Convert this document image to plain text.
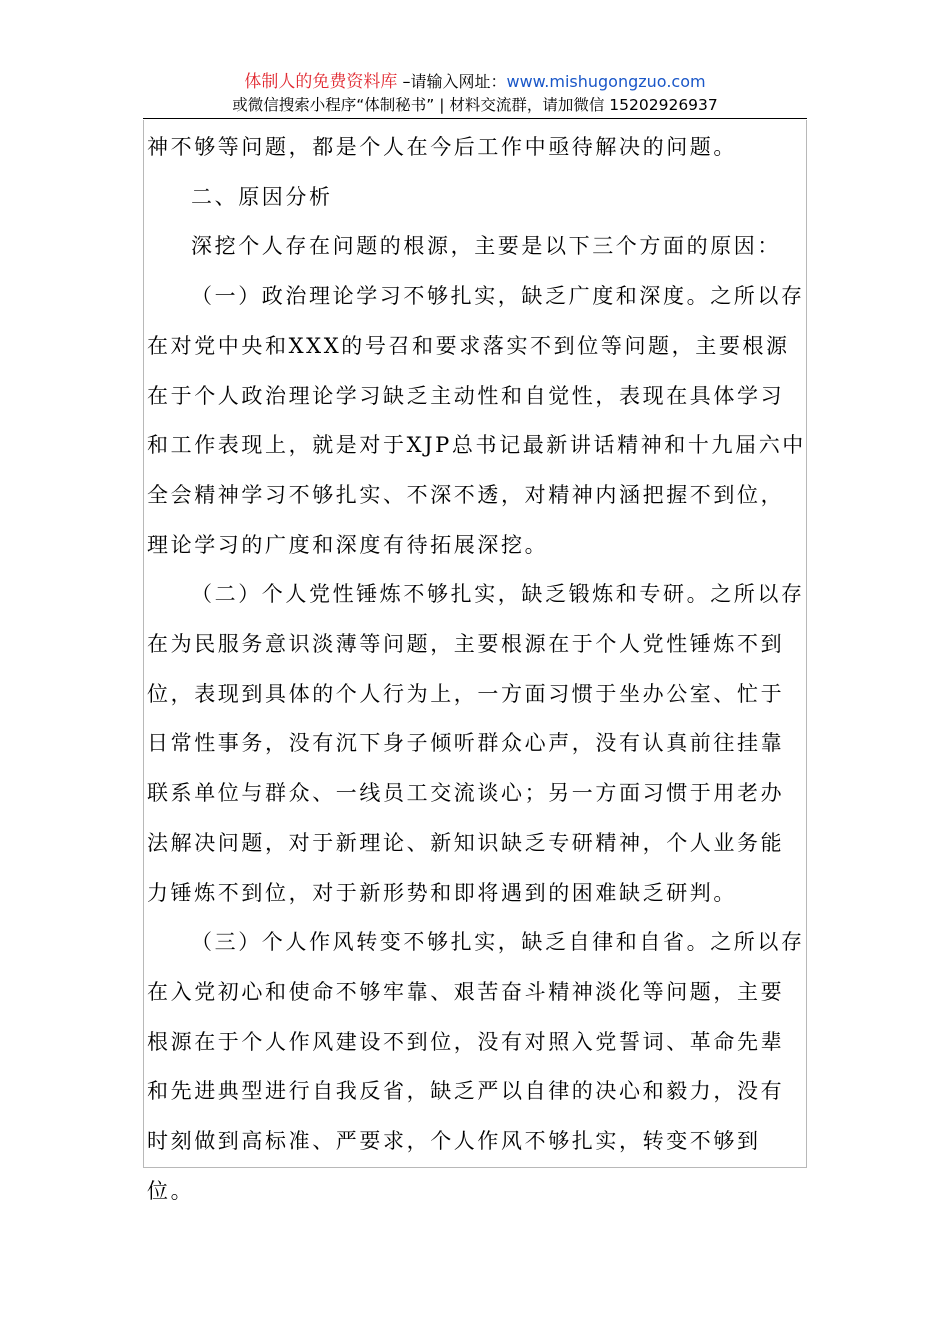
体制人的免费资料库 –请输入网址：www.mishugongzuo.com
或微信搜索小程序“体制秘书” | 材料交流群，请加微信 15202926937

神不够等问题，都是个人在今后工作中亟待解决的问题。

二、原因分析

深挖个人存在问题的根源，主要是以下三个方面的原因：

（一）政治理论学习不够扎实，缺乏广度和深度。之所以存在对党中央和XXX的号召和要求落实不到位等问题，主要根源在于个人政治理论学习缺乏主动性和自觉性，表现在具体学习和工作表现上，就是对于XJP总书记最新讲话精神和十九届六中全会精神学习不够扎实、不深不透，对精神内涵把握不到位，理论学习的广度和深度有待拓展深挖。

（二）个人党性锤炼不够扎实，缺乏锻炼和专研。之所以存在为民服务意识淡薄等问题，主要根源在于个人党性锤炼不到位，表现到具体的个人行为上，一方面习惯于坐办公室、忙于日常性事务，没有沉下身子倾听群众心声，没有认真前往挂靠联系单位与群众、一线员工交流谈心；另一方面习惯于用老办法解决问题，对于新理论、新知识缺乏专研精神，个人业务能力锤炼不到位，对于新形势和即将遇到的困难缺乏研判。

（三）个人作风转变不够扎实，缺乏自律和自省。之所以存在入党初心和使命不够牢靠、艰苦奋斗精神淡化等问题，主要根源在于个人作风建设不到位，没有对照入党誓词、革命先辈和先进典型进行自我反省，缺乏严以自律的决心和毅力，没有时刻做到高标准、严要求，个人作风不够扎实，转变不够到位。
